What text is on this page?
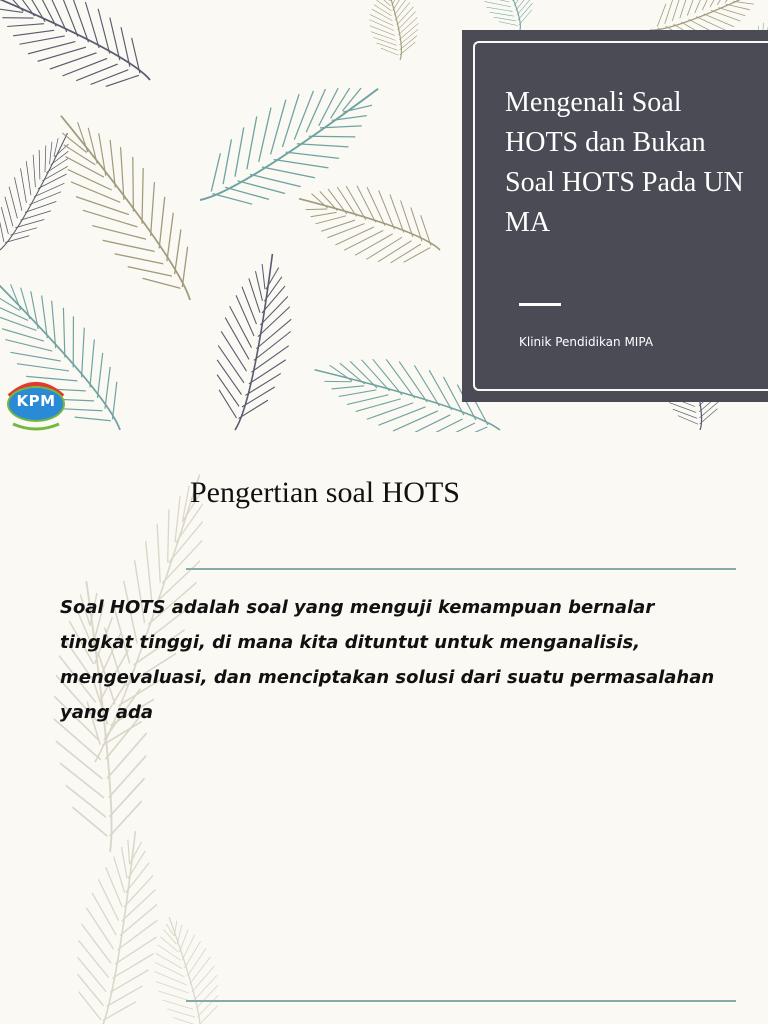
KPM
Mengenali Soal HOTS dan Bukan Soal HOTS Pada UN MA
Klinik Pendidikan MIPA
Pengertian soal HOTS

Soal HOTS adalah soal yang menguji kemampuan bernalar tingkat tinggi, di mana kita dituntut untuk menganalisis, mengevaluasi, dan menciptakan solusi dari suatu permasalahan yang ada
